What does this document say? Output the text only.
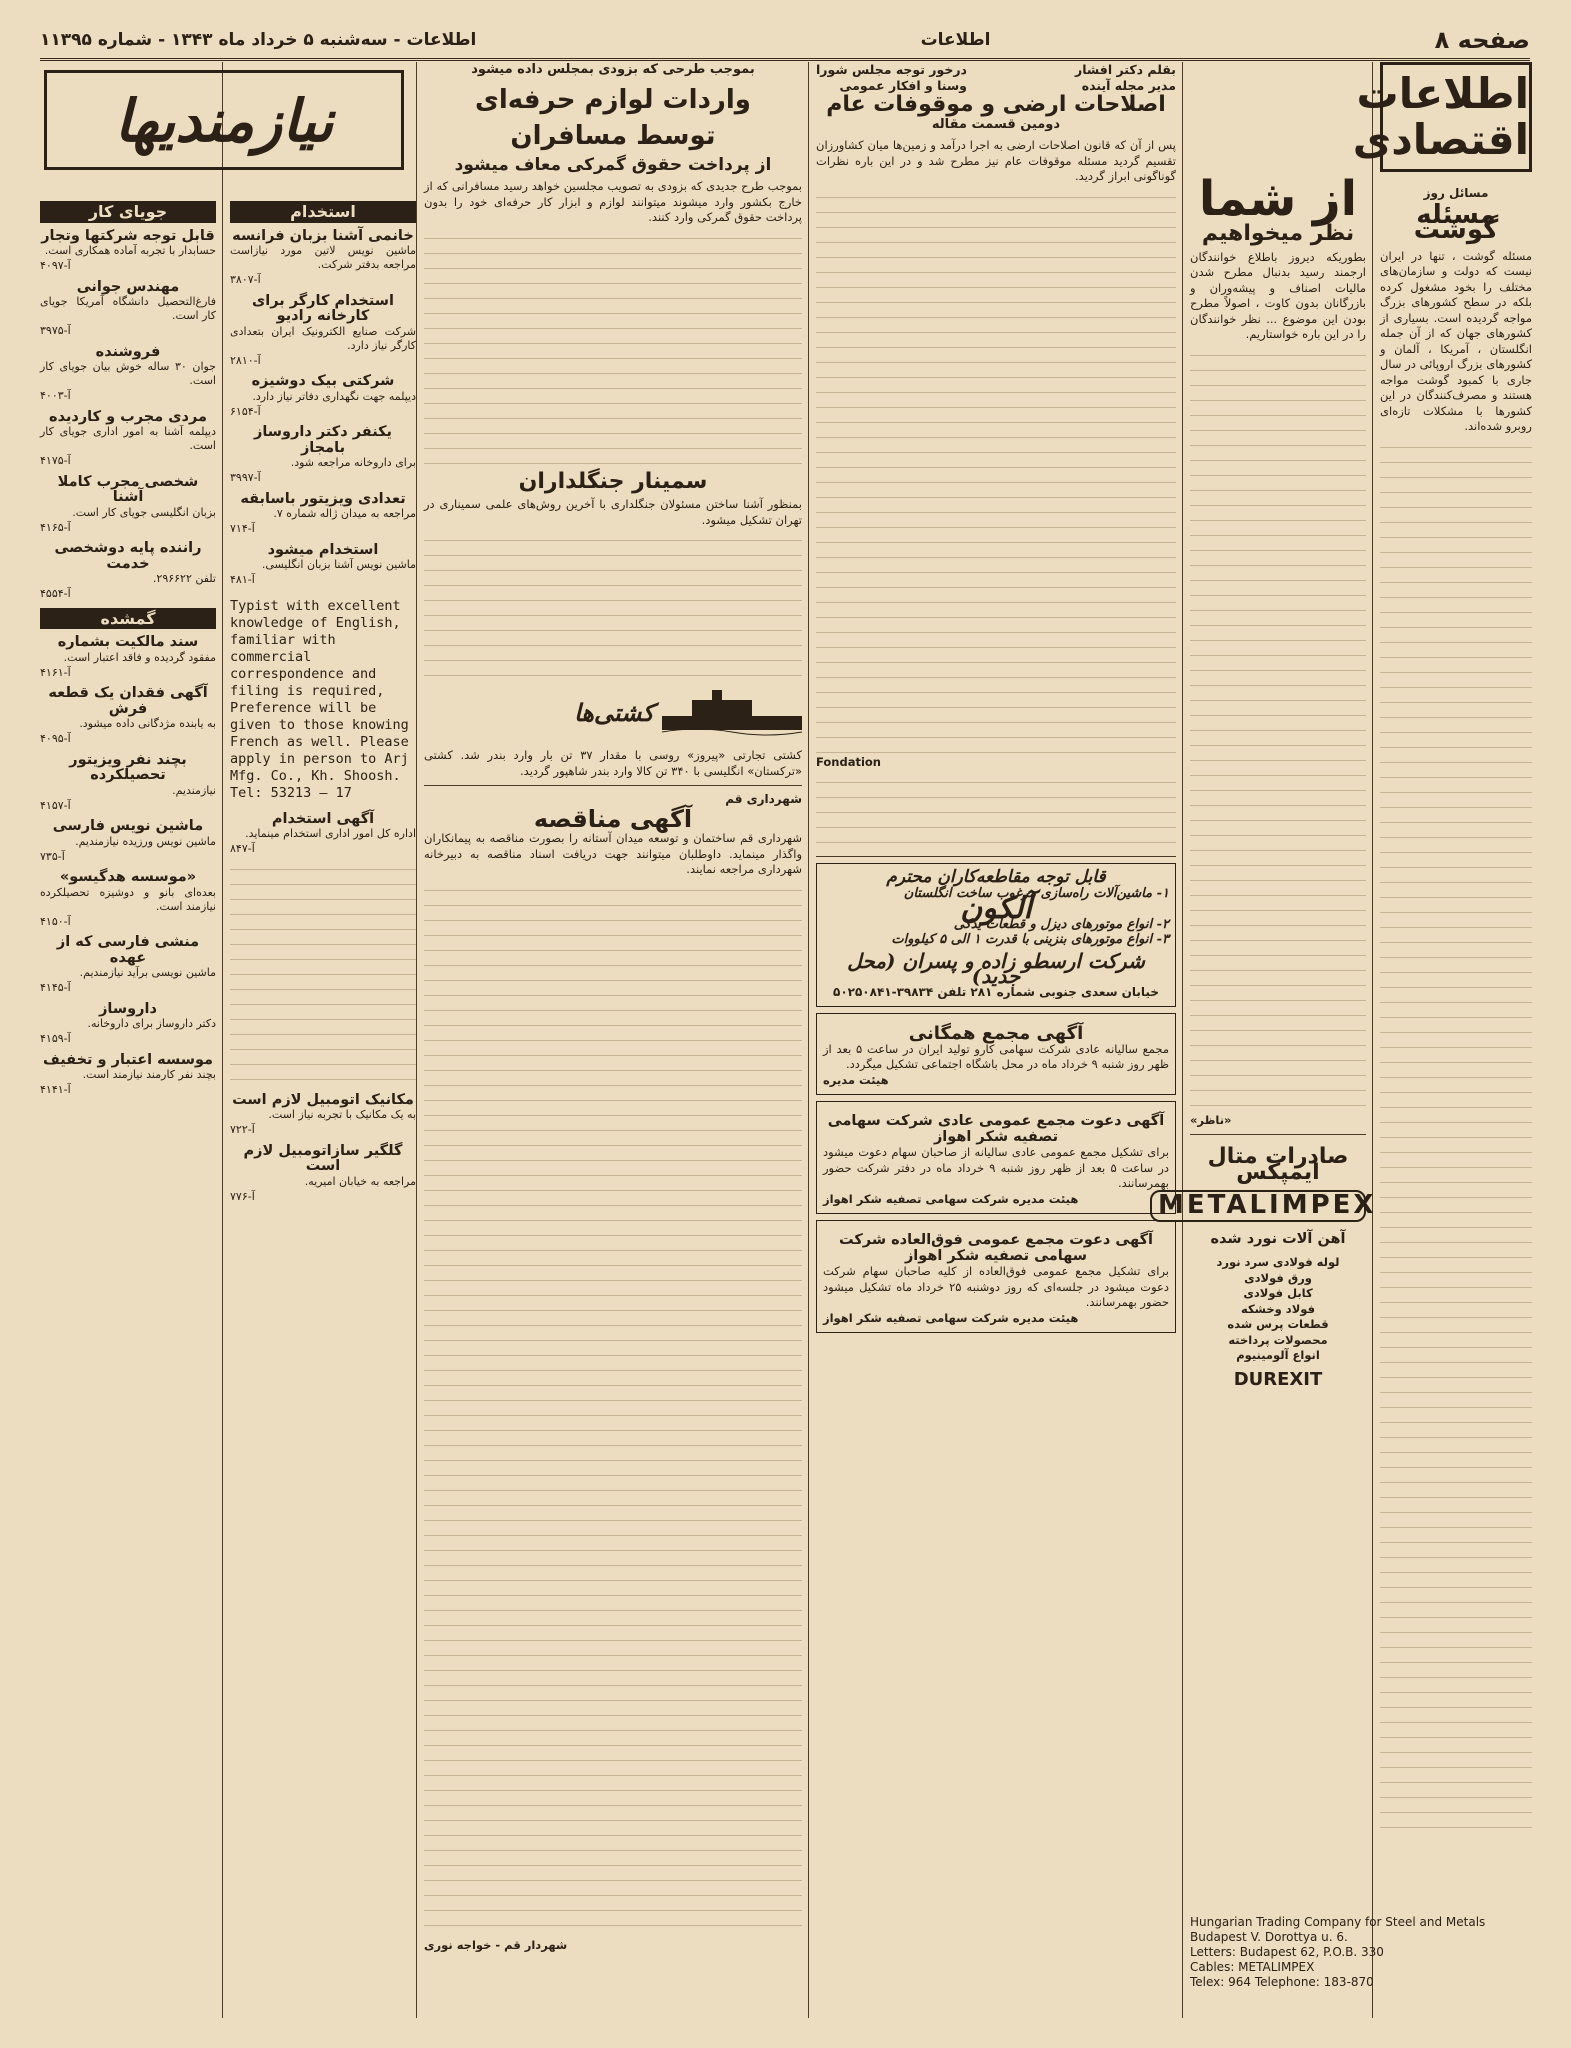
صفحه ۸
اطلاعات
اطلاعات - سه‌شنبه ۵ خرداد ماه ۱۳۴۳ - شماره ۱۱۳۹۵
اطلاعات اقتصادی
مسائل روز
مسئله گوشت
مسئله گوشت ، تنها در ایران نیست که دولت و سازمان‌های مختلف را بخود مشغول کرده بلکه در سطح کشورهای بزرگ مواجه گردیده است. بسیاری از کشورهای جهان که از آن جمله انگلستان ، آمریکا ، آلمان و کشورهای بزرگ اروپائی در سال جاری با کمبود گوشت مواجه هستند و مصرف‌کنندگان در این کشورها با مشکلات تازه‌ای روبرو شده‌اند.
از شما
نظر میخواهیم
بطوریکه دیروز باطلاع خوانندگان ارجمند رسید بدنبال مطرح شدن مالیات اصناف و پیشه‌وران و بازرگانان بدون کاوت ، اصولاً مطرح بودن این موضوع ... نظر خوانندگان را در این باره خواستاریم.
«ناظر»
صادرات متال ایمپکس
METALIMPEX
آهن آلات نورد شده
لوله فولادی سرد نورد
ورق فولادی
کابل فولادی
فولاد وخشکه
قطعات پرس شده
محصولات پرداخته
انواع آلومینیوم
DUREXIT
Hungarian Trading Company for Steel and Metals Budapest V. Dorottya u. 6.
Letters: Budapest 62, P.O.B. 330
Cables: METALIMPEX
Telex: 964 Telephone: 183-870
بقلم دکتر افشار
مدیر مجله آینده
درخور توجه مجلس شورا
وسنا و افکار عمومی
اصلاحات ارضی و موقوفات عام
دومین قسمت مقاله
پس از آن که قانون اصلاحات ارضی به اجرا درآمد و زمین‌ها میان کشاورزان تقسیم گردید مسئله موقوفات عام نیز مطرح شد و در این باره نظرات گوناگونی ابراز گردید.
Fondation
قابل توجه مقاطعه‌کاران محترم
۱- ماشین‌آلات راه‌سازی مرغوب ساخت انگلستان
آلکون
۲- انواع موتورهای دیزل و قطعات یدکی
۳- انواع موتورهای بنزینی با قدرت ۱ الی ۵ کیلووات
شرکت ارسطو زاده و پسران (محل جدید)
خیابان سعدی جنوبی شماره ۲۸۱ تلفن ۳۹۸۳۴-۵۰۲۵۰۸۴۱
آگهی مجمع همگانی
مجمع سالیانه عادی شرکت سهامی کارو تولید ایران در ساعت ۵ بعد از ظهر روز شنبه ۹ خرداد ماه در محل باشگاه اجتماعی تشکیل میگردد.
هیئت مدیره
آگهی دعوت مجمع عمومی عادی شرکت سهامی تصفیه شکر اهواز
برای تشکیل مجمع عمومی عادی سالیانه از صاحبان سهام دعوت میشود در ساعت ۵ بعد از ظهر روز شنبه ۹ خرداد ماه در دفتر شرکت حضور بهمرسانند.
هیئت مدیره شرکت سهامی تصفیه شکر اهواز
آگهی دعوت مجمع عمومی فوق‌العاده شرکت سهامی تصفیه شکر اهواز
برای تشکیل مجمع عمومی فوق‌العاده از کلیه صاحبان سهام شرکت دعوت میشود در جلسه‌ای که روز دوشنبه ۲۵ خرداد ماه تشکیل میشود حضور بهمرسانند.
هیئت مدیره شرکت سهامی تصفیه شکر اهواز
بموجب طرحی که بزودی بمجلس داده میشود
واردات لوازم حرفه‌ای
توسط مسافران
از پرداخت حقوق گمرکی معاف میشود
بموجب طرح جدیدی که بزودی به تصویب مجلسین خواهد رسید مسافرانی که از خارج بکشور وارد میشوند میتوانند لوازم و ابزار کار حرفه‌ای خود را بدون پرداخت حقوق گمرکی وارد کنند.
سمینار جنگلداران
بمنظور آشنا ساختن مسئولان جنگلداری با آخرین روش‌های علمی سمیناری در تهران تشکیل میشود.
کشتی‌ها
کشتی تجارتی «پیروز» روسی با مقدار ۳۷ تن بار وارد بندر شد. کشتی «ترکستان» انگلیسی با ۳۴۰ تن کالا وارد بندر شاهپور گردید.
شهرداری قم
آگهی مناقصه
شهرداری قم ساختمان و توسعه میدان آستانه را بصورت مناقصه به پیمانکاران واگذار مینماید. داوطلبان میتوانند جهت دریافت اسناد مناقصه به دبیرخانه شهرداری مراجعه نمایند.
شهردار قم - خواجه نوری
استخدام
خانمی آشنا بزبان فرانسه
ماشین نویس لاتین مورد نیازاست مراجعه بدفتر شرکت.
آ-۳۸۰۷
استخدام کارگر برای کارخانه رادیو
شرکت صنایع الکترونیک ایران بتعدادی کارگر نیاز دارد.
آ-۲۸۱۰
شرکتی بیک دوشیزه
دیپلمه جهت نگهداری دفاتر نیاز دارد.
آ-۶۱۵۴
یکنفر دکتر داروساز بامجاز
برای داروخانه مراجعه شود.
آ-۳۹۹۷
تعدادی ویزیتور باسابقه
مراجعه به میدان ژاله شماره ۷.
آ-۷۱۴
استخدام میشود
ماشین نویس آشنا بزبان انگلیسی.
آ-۴۸۱
Typist with excellent knowledge of English, familiar with commercial correspondence and filing is required, Preference will be given to those knowing French as well. Please apply in person to Arj Mfg. Co., Kh. Shoosh. Tel: 53213 — 17
آگهی استخدام
اداره کل امور اداری استخدام مینماید.
آ-۸۴۷
مکانیک اتومبیل لازم است
به یک مکانیک با تجربه نیاز است.
آ-۷۲۲
گلگیر سازاتومبیل لازم است
مراجعه به خیابان امیریه.
آ-۷۷۶
نیازمندیها
جویای کار
قابل توجه شرکتها وتجار
حسابدار با تجربه آماده همکاری است.
آ-۴۰۹۷
مهندس جوانی
فارغ‌التحصیل دانشگاه آمریکا جویای کار است.
آ-۳۹۷۵
فروشنده
جوان ۳۰ ساله خوش بیان جویای کار است.
آ-۴۰۰۳
مردی مجرب و کاردیده
دیپلمه آشنا به امور اداری جویای کار است.
آ-۴۱۷۵
شخصی مجرب کاملا آشنا
بزبان انگلیسی جویای کار است.
آ-۴۱۶۵
راننده پایه دوشخصی خدمت
تلفن ۲۹۶۶۲۲.
آ-۴۵۵۴
گمشده
سند مالکیت بشماره
مفقود گردیده و فاقد اعتبار است.
آ-۴۱۶۱
آگهی فقدان یک قطعه فرش
به یابنده مژدگانی داده میشود.
آ-۴۰۹۵
بچند نفر ویزیتور تحصیلکرده
نیازمندیم.
آ-۴۱۵۷
ماشین نویس فارسی
ماشین نویس ورزیده نیازمندیم.
آ-۷۳۵
«موسسه هدگیسو»
بعده‌ای بانو و دوشیزه تحصیلکرده نیازمند است.
آ-۴۱۵۰
منشی فارسی که از عهده
ماشین نویسی برآید نیازمندیم.
آ-۴۱۴۵
داروساز
دکتر داروساز برای داروخانه.
آ-۴۱۵۹
موسسه اعتبار و تخفیف
بچند نفر کارمند نیازمند است.
آ-۴۱۴۱
